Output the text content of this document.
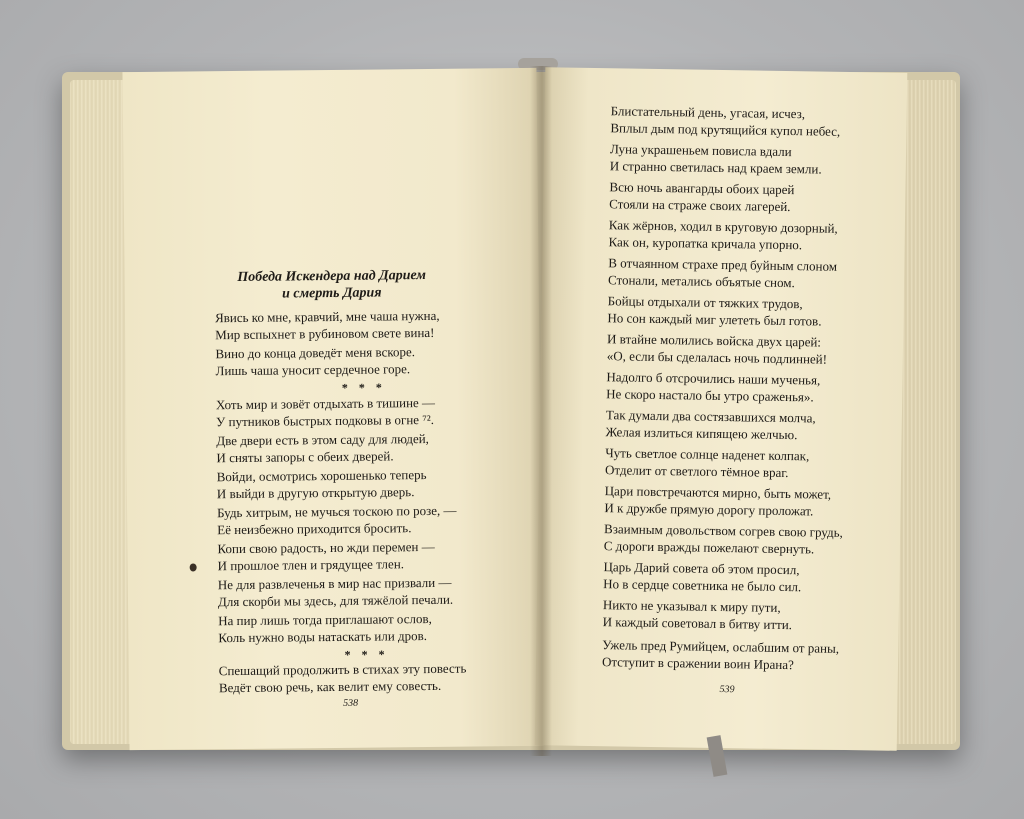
Победа Искендера над Дарием
и смерть Дария
Явись ко мне, кравчий, мне чаша нужна,
Мир вспыхнет в рубиновом свете вина!
Вино до конца доведёт меня вскоре.
Лишь чаша уносит сердечное горе.
* * *
Хоть мир и зовёт отдыхать в тишине —
У путников быстрых подковы в огне ⁷².
Две двери есть в этом саду для людей,
И сняты запоры с обеих дверей.
Войди, осмотрись хорошенько теперь
И выйди в другую открытую дверь.
Будь хитрым, не мучься тоскою по розе, —
Её неизбежно приходится бросить.
Копи свою радость, но жди перемен —
И прошлое тлен и грядущее тлен.
Не для развлеченья в мир нас призвали —
Для скорби мы здесь, для тяжёлой печали.
На пир лишь тогда приглашают ослов,
Коль нужно воды натаскать или дров.
* * *
Спешащий продолжить в стихах эту повесть
Ведёт свою речь, как велит ему совесть.
538
Блистательный день, угасая, исчез,
Вплыл дым под крутящийся купол небес,
Луна украшеньем повисла вдали
И странно светилась над краем земли.
Всю ночь авангарды обоих царей
Стояли на страже своих лагерей.
Как жёрнов, ходил в круговую дозорный,
Как он, куропатка кричала упорно.
В отчаянном страхе пред буйным слоном
Стонали, метались объятые сном.
Бойцы отдыхали от тяжких трудов,
Но сон каждый миг улететь был готов.
И втайне молились войска двух царей:
«О, если бы сделалась ночь подлинней!
Надолго б отсрочились наши мученья,
Не скоро настало бы утро сраженья».
Так думали два состязавшихся молча,
Желая излиться кипящею желчью.
Чуть светлое солнце наденет колпак,
Отделит от светлого тёмное враг.
Цари повстречаются мирно, быть может,
И к дружбе прямую дорогу проложат.
Взаимным довольством согрев свою грудь,
С дороги вражды пожелают свернуть.
Царь Дарий совета об этом просил,
Но в сердце советника не было сил.
Никто не указывал к миру пути,
И каждый советовал в битву итти.
Ужель пред Румийцем, ослабшим от раны,
Отступит в сражении воин Ирана?
539
